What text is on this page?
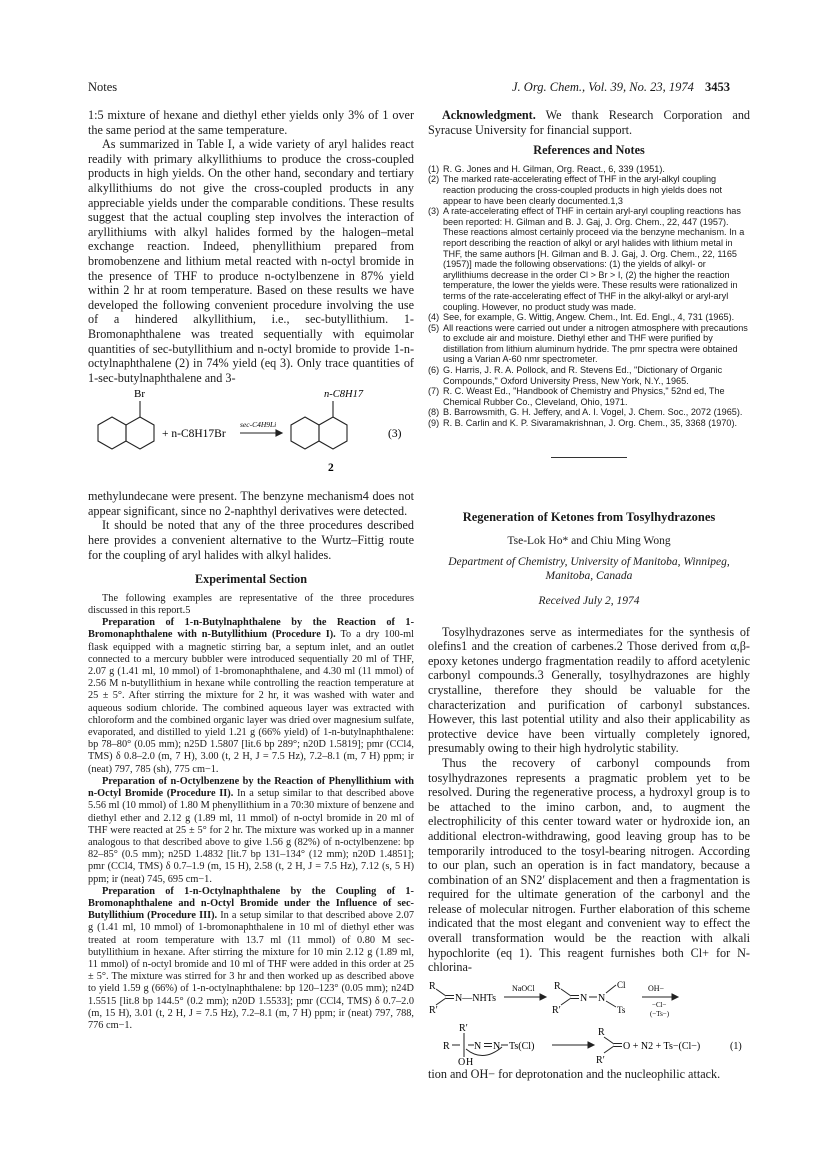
Notes	J. Org. Chem., Vol. 39, No. 23, 1974 3453

1:5 mixture of hexane and diethyl ether yields only 3% of 1 over the same period at the same temperature.

As summarized in Table I, a wide variety of aryl halides react readily with primary alkyllithiums to produce the cross-coupled products in high yields. On the other hand, secondary and tertiary alkyllithiums do not give the cross-coupled products in any appreciable yields under the comparable conditions. These results suggest that the actual coupling step involves the interaction of aryllithiums with alkyl halides formed by the halogen–metal exchange reaction. Indeed, phenyllithium prepared from bromobenzene and lithium metal reacted with n-octyl bromide in the presence of THF to produce n-octylbenzene in 87% yield within 2 hr at room temperature. Based on these results we have developed the following convenient procedure involving the use of a hindered alkyllithium, i.e., sec-butyllithium. 1-Bromonaphthalene was treated sequentially with equimolar quantities of sec-butyllithium and n-octyl bromide to provide 1-n-octylnaphthalene (2) in 74% yield (eq 3). Only trace quantities of 1-sec-butylnaphthalene and 3-

Br
+ n-C8H17Br
sec-C4H9Li
n-C8H17
(3)
2

methylundecane were present. The benzyne mechanism4 does not appear significant, since no 2-naphthyl derivatives were detected.

It should be noted that any of the three procedures described here provides a convenient alternative to the Wurtz–Fittig route for the coupling of aryl halides with alkyl halides.

Experimental Section

The following examples are representative of the three procedures discussed in this report.5

Preparation of 1-n-Butylnaphthalene by the Reaction of 1-Bromonaphthalene with n-Butyllithium (Procedure I). To a dry 100-ml flask equipped with a magnetic stirring bar, a septum inlet, and an outlet connected to a mercury bubbler were introduced sequentially 20 ml of THF, 2.07 g (1.41 ml, 10 mmol) of 1-bromonaphthalene, and 4.30 ml (11 mmol) of 2.56 M n-butyllithium in hexane while controlling the reaction temperature at 25 ± 5°. After stirring the mixture for 2 hr, it was washed with water and aqueous sodium chloride. The combined aqueous layer was extracted with chloroform and the combined organic layer was dried over magnesium sulfate, evaporated, and distilled to yield 1.21 g (66% yield) of 1-n-butylnaphthalene: bp 78–80° (0.05 mm); n25D 1.5807 [lit.6 bp 289°; n20D 1.5819]; pmr (CCl4, TMS) δ 0.8–2.0 (m, 7 H), 3.00 (t, 2 H, J = 7.5 Hz), 7.2–8.1 (m, 7 H) ppm; ir (neat) 797, 785 (sh), 775 cm−1.

Preparation of n-Octylbenzene by the Reaction of Phenyllithium with n-Octyl Bromide (Procedure II). In a setup similar to that described above 5.56 ml (10 mmol) of 1.80 M phenyllithium in a 70:30 mixture of benzene and diethyl ether and 2.12 g (1.89 ml, 11 mmol) of n-octyl bromide in 20 ml of THF were reacted at 25 ± 5° for 2 hr. The mixture was worked up in a manner analogous to that described above to give 1.56 g (82%) of n-octylbenzene: bp 82–85° (0.5 mm); n25D 1.4832 [lit.7 bp 131–134° (12 mm); n20D 1.4851]; pmr (CCl4, TMS) δ 0.7–1.9 (m, 15 H), 2.58 (t, 2 H, J = 7.5 Hz), 7.12 (s, 5 H) ppm; ir (neat) 745, 695 cm−1.

Preparation of 1-n-Octylnaphthalene by the Coupling of 1-Bromonaphthalene and n-Octyl Bromide under the Influence of sec-Butyllithium (Procedure III). In a setup similar to that described above 2.07 g (1.41 ml, 10 mmol) of 1-bromonaphthalene in 10 ml of diethyl ether was treated at room temperature with 13.7 ml (11 mmol) of 0.80 M sec-butyllithium in hexane. After stirring the mixture for 10 min 2.12 g (1.89 ml, 11 mmol) of n-octyl bromide and 10 ml of THF were added in this order at 25 ± 5°. The mixture was stirred for 3 hr and then worked up as described above to yield 1.59 g (66%) of 1-n-octylnaphthalene: bp 120–123° (0.05 mm); n24D 1.5515 [lit.8 bp 144.5° (0.2 mm); n20D 1.5533]; pmr (CCl4, TMS) δ 0.7–2.0 (m, 15 H), 3.01 (t, 2 H, J = 7.5 Hz), 7.2–8.1 (m, 7 H) ppm; ir (neat) 797, 788, 776 cm−1.

Acknowledgment. We thank Research Corporation and Syracuse University for financial support.

References and Notes
(1) R. G. Jones and H. Gilman, Org. React., 6, 339 (1951).
(2) The marked rate-accelerating effect of THF in the aryl-alkyl coupling reaction producing the cross-coupled products in high yields does not appear to have been clearly documented.1,3
(3) A rate-accelerating effect of THF in certain aryl-aryl coupling reactions has been reported: H. Gilman and B. J. Gaj, J. Org. Chem., 22, 447 (1957). These reactions almost certainly proceed via the benzyne mechanism. In a report describing the reaction of alkyl or aryl halides with lithium metal in THF, the same authors [H. Gilman and B. J. Gaj, J. Org. Chem., 22, 1165 (1957)] made the following observations: (1) the yields of alkyl- or aryllithiums decrease in the order Cl > Br > I, (2) the higher the reaction temperature, the lower the yields were. These results were rationalized in terms of the rate-accelerating effect of THF in the alkyl-alkyl or aryl-aryl coupling. However, no product study was made.
(4) See, for example, G. Wittig, Angew. Chem., Int. Ed. Engl., 4, 731 (1965).
(5) All reactions were carried out under a nitrogen atmosphere with precautions to exclude air and moisture. Diethyl ether and THF were purified by distillation from lithium aluminum hydride. The pmr spectra were obtained using a Varian A-60 nmr spectrometer.
(6) G. Harris, J. R. A. Pollock, and R. Stevens Ed., "Dictionary of Organic Compounds," Oxford University Press, New York, N.Y., 1965.
(7) R. C. Weast Ed., "Handbook of Chemistry and Physics," 52nd ed, The Chemical Rubber Co., Cleveland, Ohio, 1971.
(8) B. Barrowsmith, G. H. Jeffery, and A. I. Vogel, J. Chem. Soc., 2072 (1965).
(9) R. B. Carlin and K. P. Sivaramakrishnan, J. Org. Chem., 35, 3368 (1970).
Regeneration of Ketones from Tosylhydrazones
Tse-Lok Ho* and Chiu Ming Wong
Department of Chemistry, University of Manitoba, Winnipeg, Manitoba, Canada
Received July 2, 1974

Tosylhydrazones serve as intermediates for the synthesis of olefins1 and the creation of carbenes.2 Those derived from α,β-epoxy ketones undergo fragmentation readily to afford acetylenic carbonyl compounds.3 Generally, tosylhydrazones are highly crystalline, therefore they should be valuable for the characterization and purification of carbonyl substances. However, this last potential utility and also their applicability as protective device have been virtually completely ignored, presumably owing to their high hydrolytic stability.

Thus the recovery of carbonyl compounds from tosylhydrazones represents a pragmatic problem yet to be resolved. During the regenerative process, a hydroxyl group is to be attached to the imino carbon, and, to augment the electrophilicity of this center toward water or hydroxide ion, an additional electron-withdrawing, good leaving group has to be temporarily introduced to the tosyl-bearing nitrogen. According to our plan, such an operation is in fact mandatory, because a combination of an SN2′ displacement and then a fragmentation is required for the ultimate generation of the carbonyl and the release of molecular nitrogen. Further elaboration of this scheme indicated that the most elegant and convenient way to effect the overall transformation would be the reaction with alkali hypochlorite (eq 1). This reagent furnishes both Cl+ for N-chlorina-

R
R′
N—NHTs
NaOCl R
R′
N N
Cl
Ts
OH−
−Cl−
(−Ts−)
R′
R N N Ts(Cl)
O H
R
R′
O + N2 + Ts−(Cl−)	(1)

tion and OH− for deprotonation and the nucleophilic attack.
